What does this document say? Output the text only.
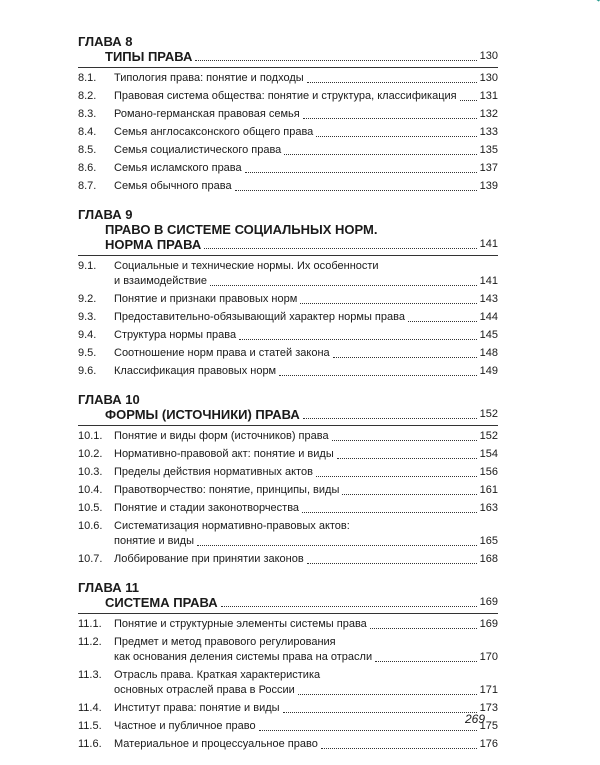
ГЛАВА 8
ТИПЫ ПРАВА	130
8.1.	Типология права: понятие и подходы	130
8.2.	Правовая система общества: понятие и структура, классификация 131
8.3.	Романо-германская правовая семья	132
8.4.	Семья англосаксонского общего права	133
8.5.	Семья социалистического права	135
8.6.	Семья исламского права	137
8.7.	Семья обычного права	139
ГЛАВА 9
ПРАВО В СИСТЕМЕ СОЦИАЛЬНЫХ НОРМ.
НОРМА ПРАВА	141
9.1.	Социальные и технические нормы. Их особенности
и взаимодействие	141
9.2.	Понятие и признаки правовых норм	143
9.3.	Предоставительно-обязывающий характер нормы права	144
9.4.	Структура нормы права	145
9.5.	Соотношение норм права и статей закона	148
9.6.	Классификация правовых норм	149
ГЛАВА 10
ФОРМЫ (ИСТОЧНИКИ) ПРАВА	152
10.1.	Понятие и виды форм (источников) права	152
10.2.	Нормативно-правовой акт: понятие и виды	154
10.3.	Пределы действия нормативных актов	156
10.4.	Правотворчество: понятие, принципы, виды	161
10.5.	Понятие и стадии законотворчества	163
10.6.	Систематизация нормативно-правовых актов:
понятие и виды	165
10.7.	Лоббирование при принятии законов	168
ГЛАВА 11
СИСТЕМА ПРАВА	169
11.1.	Понятие и структурные элементы системы права	169
11.2.	Предмет и метод правового регулирования
как основания деления системы права на отрасли	170
11.3.	Отрасль права. Краткая характеристика
основных отраслей права в России	171
11.4.	Институт права: понятие и виды	173
11.5.	Частное и публичное право	175
11.6.	Материальное и процессуальное право	176
269
